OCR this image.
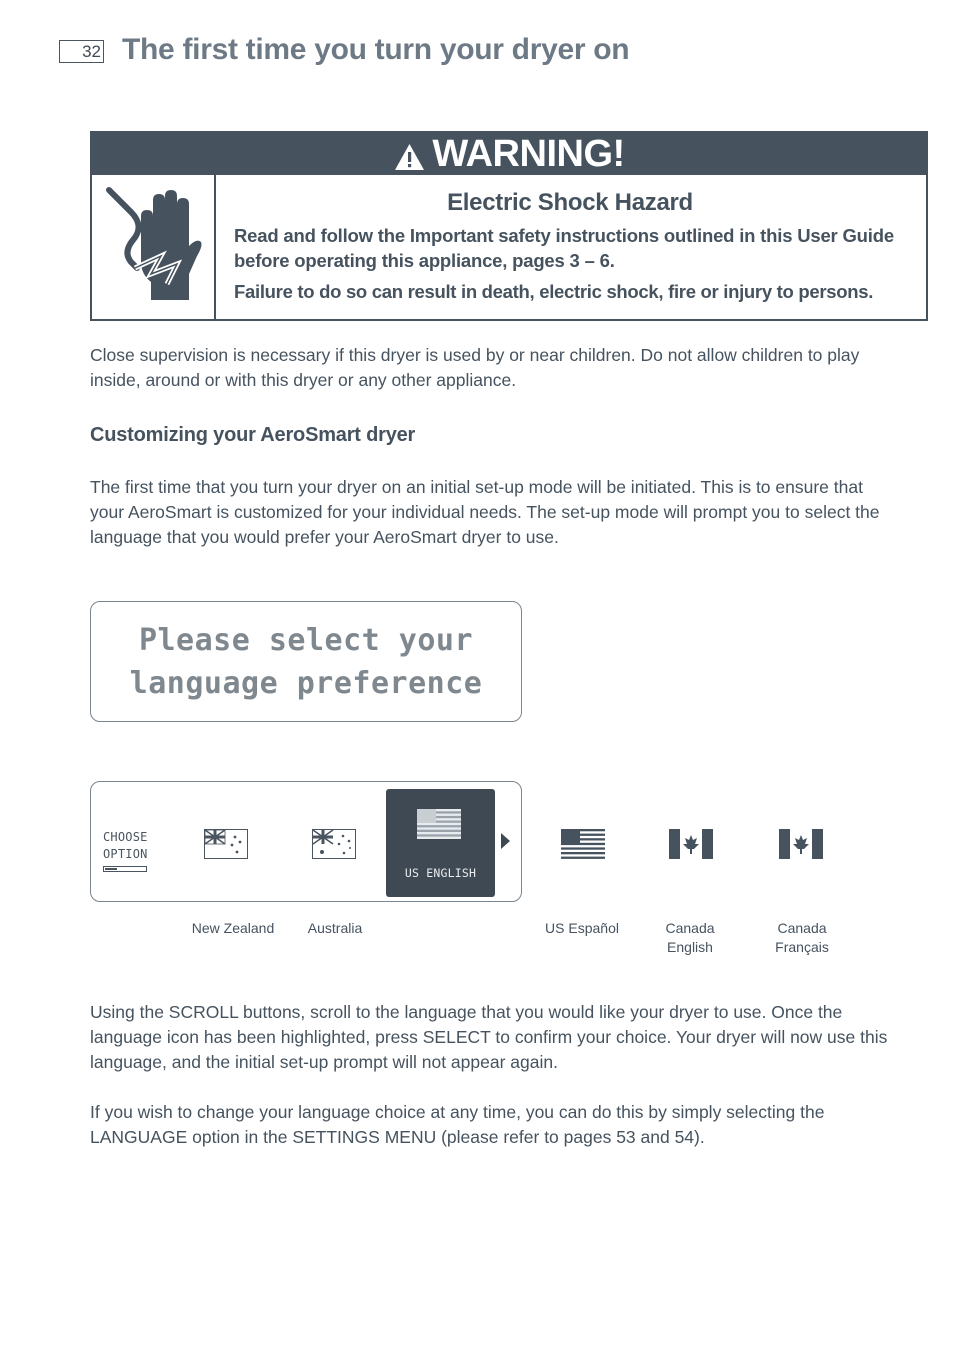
32 The first time you turn your dryer on
WARNING!
Electric Shock Hazard
Read and follow the Important safety instructions outlined in this User Guide before operating this appliance, pages 3 – 6.
Failure to do so can result in death, electric shock, fire or injury to persons.
Close supervision is necessary if this dryer is used by or near children. Do not allow children to play inside, around or with this dryer or any other appliance.
Customizing your AeroSmart dryer
The first time that you turn your dryer on an initial set-up mode will be initiated. This is to ensure that your AeroSmart is customized for your individual needs. The set-up mode will prompt you to select the language that you would prefer your AeroSmart dryer to use.
Please select your
language preference
CHOOSE
OPTION
US ENGLISH
New Zealand	Australia	US Español	Canada
English
Canada
Français
Using the SCROLL buttons, scroll to the language that you would like your dryer to use. Once the language icon has been highlighted, press SELECT to confirm your choice. Your dryer will now use this language, and the initial set-up prompt will not appear again.
If you wish to change your language choice at any time, you can do this by simply selecting the LANGUAGE option in the SETTINGS MENU (please refer to pages 53 and 54).
